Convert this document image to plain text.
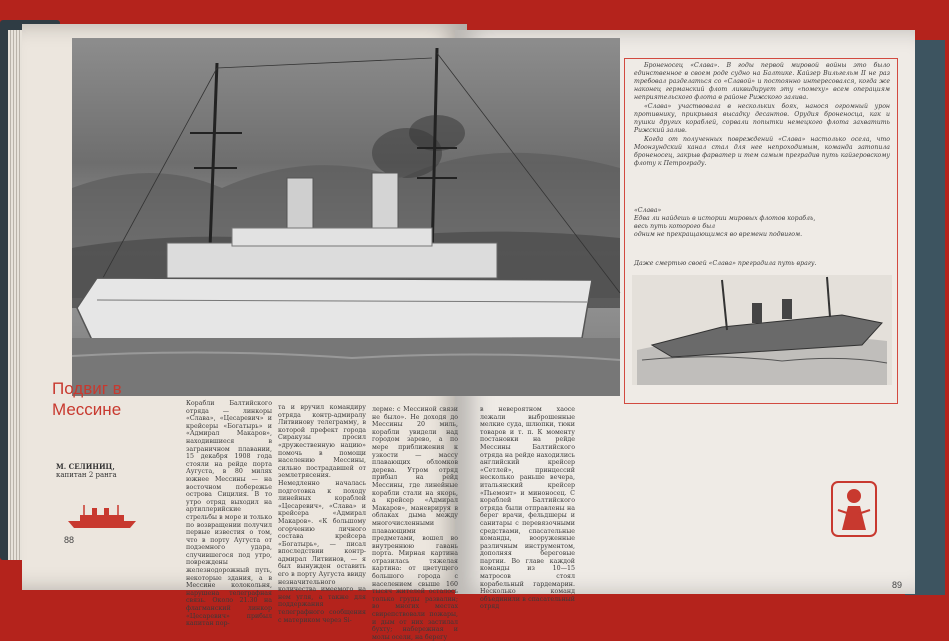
Подвиг в Мессине
М. СЕЛИНИЦ,
капитан 2 ранга

Корабли Балтийского отряда — линкоры «Слава», «Цесаревич» и крейсеры «Богатырь» и «Адмирал Макаров», находившиеся в заграничном плавании, 15 декабря 1908 года стояли на рейде порта Аугуста, в 80 милях южнее Мессины — на восточном побережье острова Сицилия. В то утро отряд выходил на артиллерийские стрельбы в море и только по возвращении получил первые известия о том, что в порту Аугуста от подземного удара, случившегося под утро, повреждены железнодорожный путь, некоторые здания, а в Мессине колокольня, нарушена телеграфная связь. Около 21.30 на флагманский линкор «Цесаревич» прибыл капитан пор-

та и вручил командиру отряда контр-адмиралу Литвинову телеграмму, в которой префект города Сиракузы просил «дружественную нацию» помочь в помощи населению Мессины, сильно пострадавшей от землетрясения. Немедленно началась подготовка к походу линейных кораблей «Цесаревич», «Слава» и крейсера «Адмирал Макаров». «К большому огорчению личного состава крейсера «Богатырь», — писал впоследствии контр-адмирал Литвинов, — я был вынужден оставить его в порту Аугуста ввиду незначительного количества имеемого на нем угля, а также для поддержания телеграфного сообщения с материком через Si-

лерме: с Мессиной связи не было». Не доходя до Мессины 20 миль, корабли увидели над городом зарево, а по мере приближения к узкости — массу плавающих обломков дерева. Утром отряд прибыл на рейд Мессины, где линейные корабли стали на якорь, а крейсер «Адмирал Макаров», маневрируя в облаках дыма между многочисленными плавающими предметами, вошел во внутреннюю гавань порта. Мирная картина отразилась тяжелая картина: от цветущего большого города с населением свыше 160 тысяч жителей осталось только груды развалин; во многих местах свирепствовали пожары, и дым от них застилал бухту; набережная и молы осели, на берегу

в невероятном хаосе лежали выброшенные мелкие суда, шлюпки, тюки товаров и т. п. К моменту постановки на рейде Мессины Балтийского отряда на рейде находились английский крейсер «Сетлей», принцессий несколько раньше вечера, итальянский крейсер «Пьемонт» и миноносец. С кораблей Балтийского отряда были отправлены на берег врачи, фельдшеры и санитары с перевязочными средствами, спасательные команды, вооруженные различным инструментом, дополняя береговые партии. Во главе каждой команды из 10—15 матросов стоял корабельный гардемарин. Несколько команд объединили в спасательный отряд

88
89

Броненосец «Слава». В годы первой мировой войны это было единственное в своем роде судно на Балтике. Кайзер Вильгельм II не раз требовал разделаться со «Славой» и постоянно интересовался, когда же наконец германский флот ликвидирует эту «помеху» всем операциям неприятельского флота в районе Рижского залива.

«Слава» участвовала в нескольких боях, нанося огромный урон противнику, прикрывая высадку десантов. Орудия броненосца, как и пушки других кораблей, сорвали попытки немецкого флота захватить Рижский залив.

Когда от полученных повреждений «Слава» настолько осела, что Моонзундский канал стал для нее непроходимым, команда затопила броненосец, закрыв фарватер и тем самым преградив путь кайзеровскому флоту к Петрограду.

«Слава»
Едва ли найдешь в истории мировых флотов корабль,
весь путь которого был
одним не прекращающимся во времени подвигом.
Даже смертью своей «Слава» преградила путь врагу.
